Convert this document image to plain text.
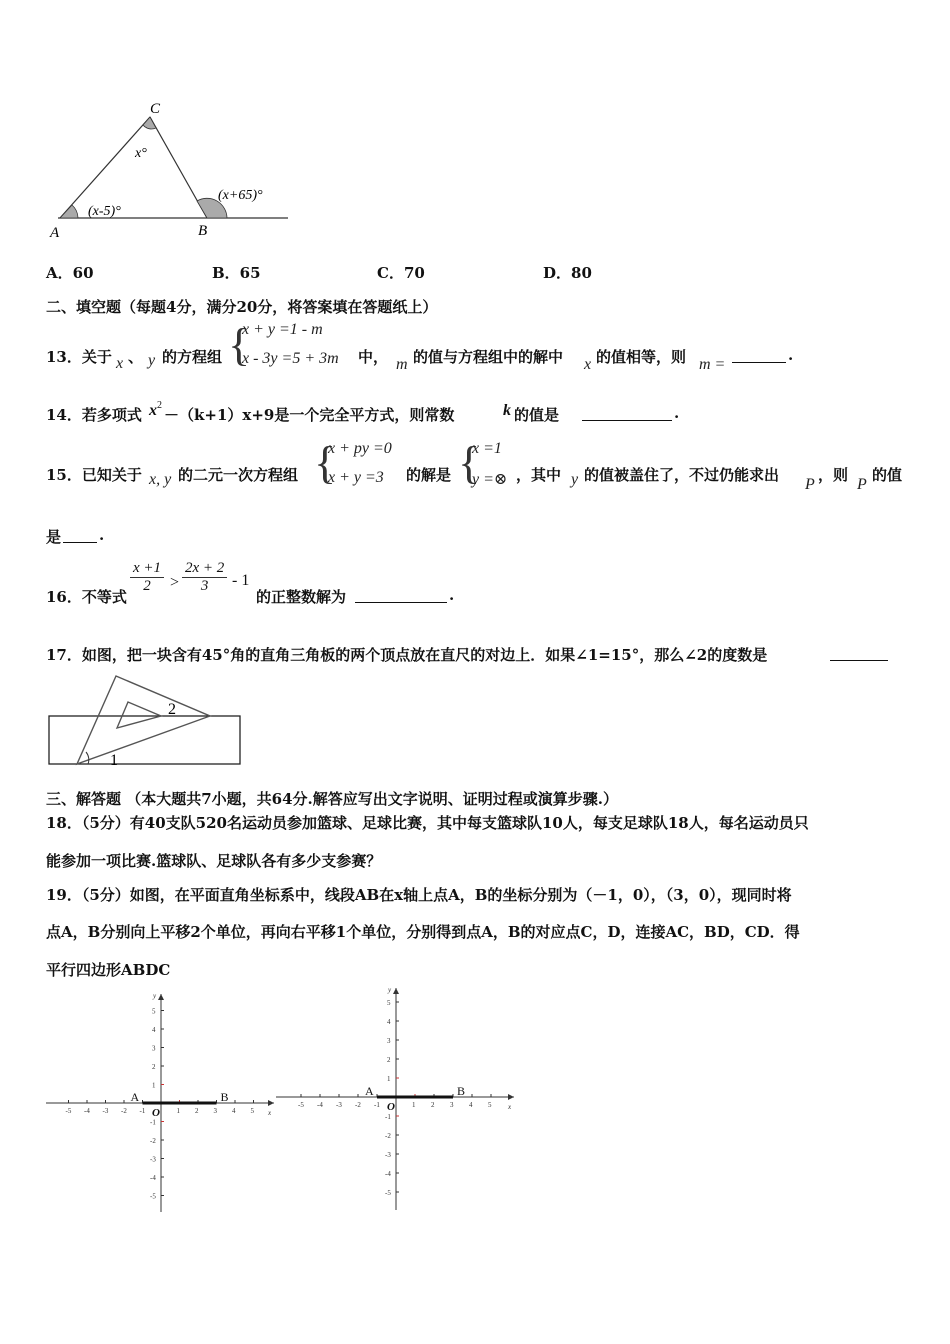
C
A	B
x°
(x-5)°
(x+65)°
A．60	B．65	C．70	D．80
二、填空题（每题4分，满分20分，将答案填在答题纸上）
13．关于 x 、 y 的方程组 {
x + y =1 - m
x - 3y =5 + 3m 中， m 的值与方程组中的解中 x 的值相等，则 m =
.
14．若多项式 x 2
－（k+1）x+9是一个完全平方式，则常数	k 的值是	.
15．已知关于 x, y 的二元一次方程组 {
x + py =0
x + y =3 的解是 {
x =1
y =⊗ ，其中 y 的值被盖住了，不过仍能求出
P
，则
P
的值
是	.
16．不等式
$\frac{x +1}{2} > \frac{2x + 2}{3} - 1$
的正整数解为	.
17．如图，把一块含有45°角的直角三角板的两个顶点放在直尺的对边上．如果∠1=15°，那么∠2的度数是
1
2
三、解答题 （本大题共7小题，共64分.解答应写出文字说明、证明过程或演算步骤.）
18．（5分）有40支队520名运动员参加篮球、足球比赛，其中每支篮球队10人，每支足球队18人，每名运动员只
能参加一项比赛.篮球队、足球队各有多少支参赛？
19．（5分）如图，在平面直角坐标系中，线段AB在x轴上点A，B的坐标分别为（－1，0），（3，0），现同时将
点A，B分别向上平移2个单位，再向右平移1个单位，分别得到点A，B的对应点C，D，连接AC，BD，CD．得
平行四边形ABDC
-5 -4 -3 -2 -1	1 2 3 4 5
1
-1
2
-2
3
-3
4
-4
5
-5
x
y
O
A	B
-5 -4 -3 -2 -1	1 2 3 4 5
1
-1
2
-2
3
-3
4
-4
5
-5
x
y
O
A	B
